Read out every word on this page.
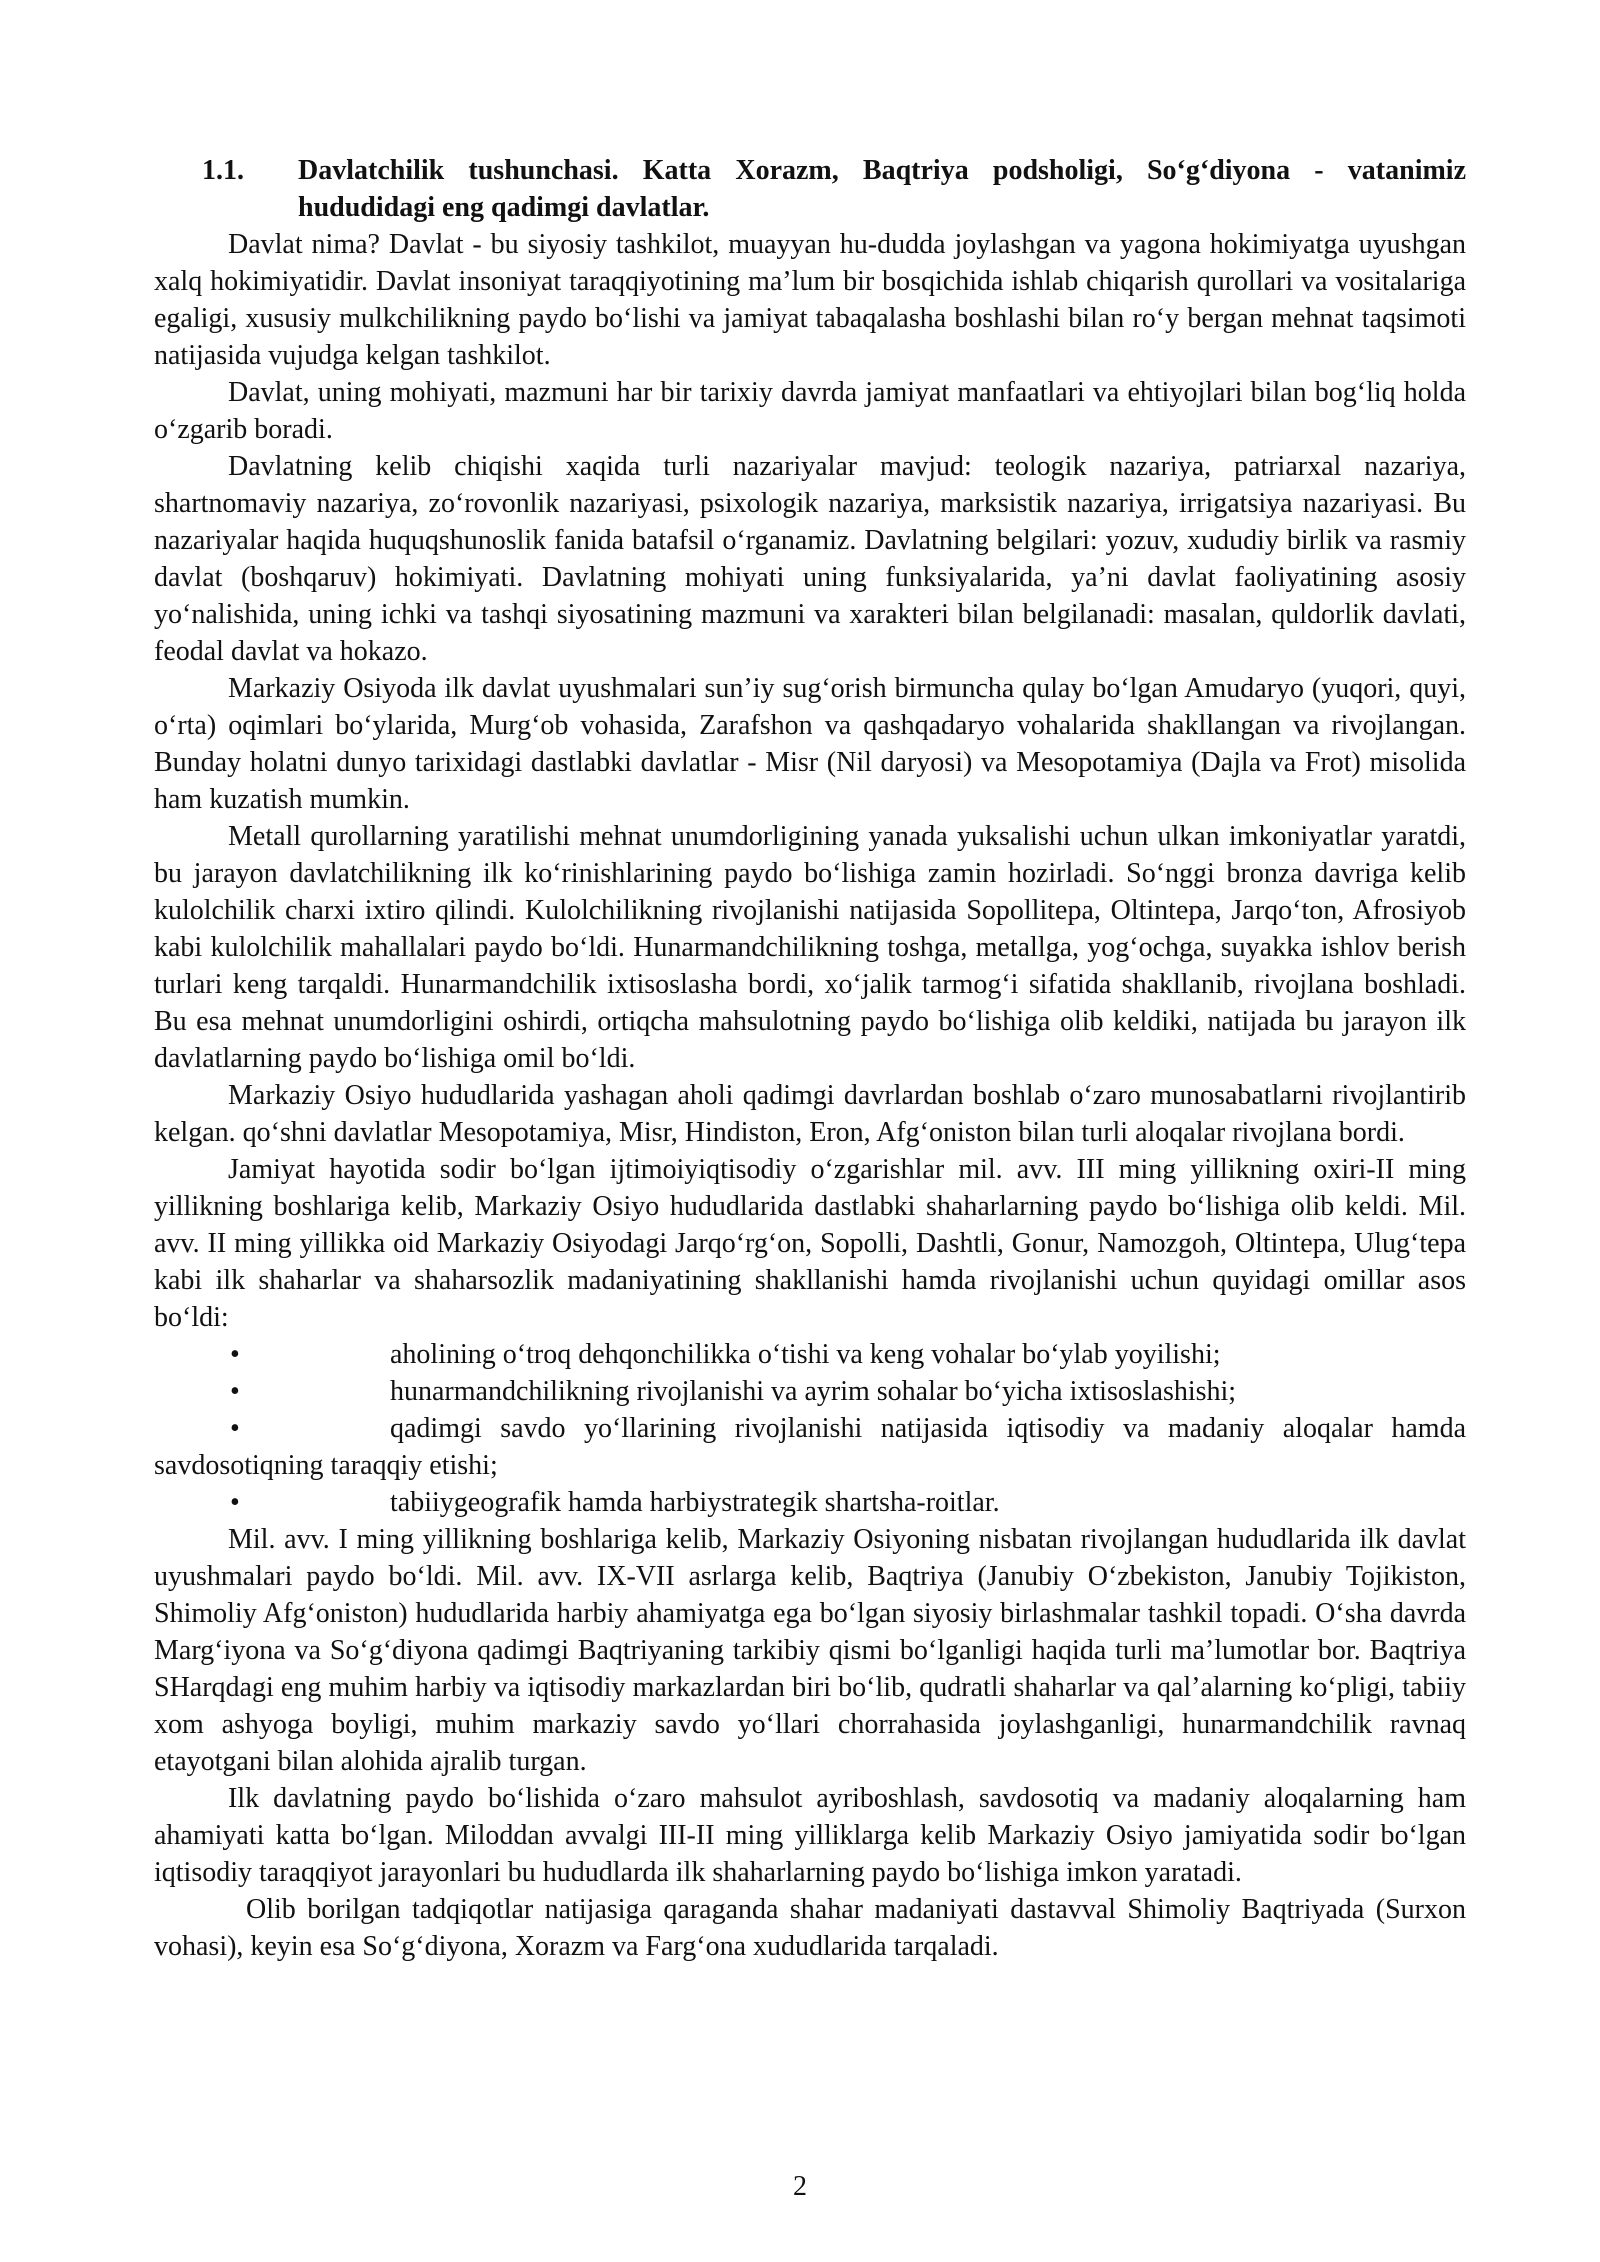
1.1.	Davlatchilik tushunchasi. Katta Xorazm, Baqtriya podsholigi, So‘g‘diyona - vatanimiz hududidagi eng qadimgi davlatlar.

Davlat nima? Davlat - bu siyosiy tashkilot, muayyan hu-dudda joylashgan va yagona hokimiyatga uyushgan xalq hokimiyatidir. Davlat insoniyat taraqqiyotining ma’lum bir bosqichida ishlab chiqarish qurollari va vositalariga egaligi, xususiy mulkchilikning paydo bo‘lishi va jamiyat tabaqalasha boshlashi bilan ro‘y bergan mehnat taqsimoti natijasida vujudga kelgan tashkilot.

Davlat, uning mohiyati, mazmuni har bir tarixiy davrda jamiyat manfaatlari va ehtiyojlari bilan bog‘liq holda o‘zgarib boradi.

Davlatning kelib chiqishi xaqida turli nazariyalar mavjud: teologik nazariya, patriarxal nazariya, shartnomaviy nazariya, zo‘rovonlik nazariyasi, psixologik nazariya, marksistik nazariya, irrigatsiya nazariyasi. Bu nazariyalar haqida huquqshunoslik fanida batafsil o‘rganamiz. Davlatning belgilari: yozuv, xududiy birlik va rasmiy davlat (boshqaruv) hokimiyati. Davlatning mohiyati uning funksiyalarida, ya’ni davlat faoliyatining asosiy yo‘nalishida, uning ichki va tashqi siyosatining mazmuni va xarakteri bilan belgilanadi: masalan, quldorlik davlati, feodal davlat va hokazo.

Markaziy Osiyoda ilk davlat uyushmalari sun’iy sug‘orish birmuncha qulay bo‘lgan Amudaryo (yuqori, quyi, o‘rta) oqimlari bo‘ylarida, Murg‘ob vohasida, Zarafshon va qashqadaryo vohalarida shakllangan va rivojlangan. Bunday holatni dunyo tarixidagi dastlabki davlatlar - Misr (Nil daryosi) va Mesopotamiya (Dajla va Frot) misolida ham kuzatish mumkin.

Metall qurollarning yaratilishi mehnat unumdorligining yanada yuksalishi uchun ulkan imkoniyatlar yaratdi, bu jarayon davlatchilikning ilk ko‘rinishlarining paydo bo‘lishiga zamin hozirladi. So‘nggi bronza davriga kelib kulolchilik charxi ixtiro qilindi. Kulolchilikning rivojlanishi natijasida Sopollitepa, Oltintepa, Jarqo‘ton, Afrosiyob kabi kulolchilik mahallalari paydo bo‘ldi. Hunarmandchilikning toshga, metallga, yog‘ochga, suyakka ishlov berish turlari keng tarqaldi. Hunarmandchilik ixtisoslasha bordi, xo‘jalik tarmog‘i sifatida shakllanib, rivojlana boshladi. Bu esa mehnat unumdorligini oshirdi, ortiqcha mahsulotning paydo bo‘lishiga olib keldiki, natijada bu jarayon ilk davlatlarning paydo bo‘lishiga omil bo‘ldi.

Markaziy Osiyo hududlarida yashagan aholi qadimgi davrlardan boshlab o‘zaro munosabatlarni rivojlantirib kelgan. qo‘shni davlatlar Mesopotamiya, Misr, Hindiston, Eron, Afg‘oniston bilan turli aloqalar rivojlana bordi.

Jamiyat hayotida sodir bo‘lgan ijtimoiyiqtisodiy o‘zgarishlar mil. avv. III ming yillikning oxiri-II ming yillikning boshlariga kelib, Markaziy Osiyo hududlarida dastlabki shaharlarning paydo bo‘lishiga olib keldi. Mil. avv. II ming yillikka oid Markaziy Osiyodagi Jarqo‘rg‘on, Sopolli, Dashtli, Gonur, Namozgoh, Oltintepa, Ulug‘tepa kabi ilk shaharlar va shaharsozlik madaniyatining shakllanishi hamda rivojlanishi uchun quyidagi omillar asos bo‘ldi:

•	aholining o‘troq dehqonchilikka o‘tishi va keng vohalar bo‘ylab yoyilishi;
•	hunarmandchilikning rivojlanishi va ayrim sohalar bo‘yicha ixtisoslashishi;
•	qadimgi savdo yo‘llarining rivojlanishi natijasida iqtisodiy va madaniy aloqalar hamda savdosotiqning taraqqiy etishi;
•	tabiiygeografik hamda harbiystrategik shartsha-roitlar.

Mil. avv. I ming yillikning boshlariga kelib, Markaziy Osiyoning nisbatan rivojlangan hududlarida ilk davlat uyushmalari paydo bo‘ldi. Mil. avv. IX-VII asrlarga kelib, Baqtriya (Janubiy O‘zbekiston, Janubiy Tojikiston, Shimoliy Afg‘oniston) hududlarida harbiy ahamiyatga ega bo‘lgan siyosiy birlashmalar tashkil topadi. O‘sha davrda Marg‘iyona va So‘g‘diyona qadimgi Baqtriyaning tarkibiy qismi bo‘lganligi haqida turli ma’lumotlar bor. Baqtriya SHarqdagi eng muhim harbiy va iqtisodiy markazlardan biri bo‘lib, qudratli shaharlar va qal’alarning ko‘pligi, tabiiy xom ashyoga boyligi, muhim markaziy savdo yo‘llari chorrahasida joylashganligi, hunarmandchilik ravnaq etayotgani bilan alohida ajralib turgan.

Ilk davlatning paydo bo‘lishida o‘zaro mahsulot ayriboshlash, savdosotiq va madaniy aloqalarning ham ahamiyati katta bo‘lgan. Miloddan avvalgi III-II ming yilliklarga kelib Markaziy Osiyo jamiyatida sodir bo‘lgan iqtisodiy taraqqiyot jarayonlari bu hududlarda ilk shaharlarning paydo bo‘lishiga imkon yaratadi.

Olib borilgan tadqiqotlar natijasiga qaraganda shahar madaniyati dastavval Shimoliy Baqtriyada (Surxon vohasi), keyin esa So‘g‘diyona, Xorazm va Farg‘ona xududlarida tarqaladi.

2
